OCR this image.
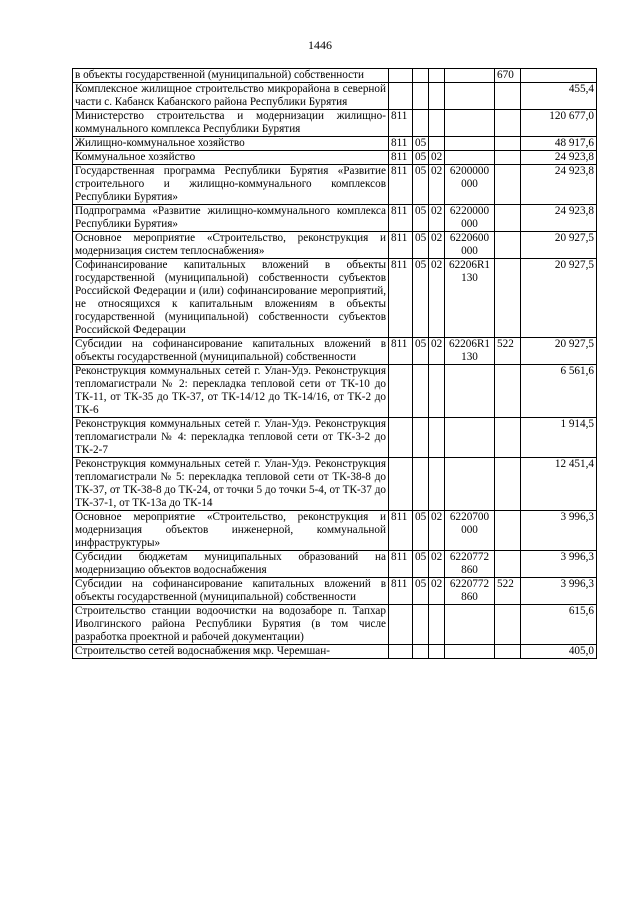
1446
в объекты государственной (муниципальной) собственности					670	
Комплексное жилищное строительство микрорайона в северной части с. Кабанск Кабанского района Республики Бурятия						455,4
Министерство строительства и модернизации жилищно-коммунального комплекса Республики Бурятия	811					120 677,0
Жилищно-коммунальное хозяйство	811	05				48 917,6
Коммунальное хозяйство	811	05	02			24 923,8
Государственная программа Республики Бурятия «Развитие строительного и жилищно-коммунального комплексов Республики Бурятия»	811	05	02	6200000 000		24 923,8
Подпрограмма «Развитие жилищно-коммунального комплекса Республики Бурятия»	811	05	02	6220000 000		24 923,8
Основное мероприятие «Строительство, реконструкция и модернизация систем теплоснабжения»	811	05	02	6220600 000		20 927,5
Софинансирование капитальных вложений в объекты государственной (муниципальной) собственности субъектов Российской Федерации и (или) софинансирование мероприятий, не относящихся к капитальным вложениям в объекты государственной (муниципальной) собственности субъектов Российской Федерации	811	05	02	62206R1 130		20 927,5
Субсидии на софинансирование капитальных вложений в объекты государственной (муниципальной) собственности	811	05	02	62206R1 130	522	20 927,5
Реконструкция коммунальных сетей г. Улан-Удэ. Реконструкция тепломагистрали № 2: перекладка тепловой сети от ТК-10 до ТК-11, от ТК-35 до ТК-37, от ТК-14/12 до ТК-14/16, от ТК-2 до ТК-6						6 561,6
Реконструкция коммунальных сетей г. Улан-Удэ. Реконструкция тепломагистрали № 4: перекладка тепловой сети от ТК-3-2 до ТК-2-7						1 914,5
Реконструкция коммунальных сетей г. Улан-Удэ. Реконструкция тепломагистрали № 5: перекладка тепловой сети от ТК-38-8 до ТК-37, от ТК-38-8 до ТК-24, от точки 5 до точки 5-4, от ТК-37 до ТК-37-1, от ТК-13а до ТК-14						12 451,4
Основное мероприятие «Строительство, реконструкция и модернизация объектов инженерной, коммунальной инфраструктуры»	811	05	02	6220700 000		3 996,3
Субсидии бюджетам муниципальных образований на модернизацию объектов водоснабжения	811	05	02	6220772 860		3 996,3
Субсидии на софинансирование капитальных вложений в объекты государственной (муниципальной) собственности	811	05	02	6220772 860	522	3 996,3
Строительство станции водоочистки на водозаборе п. Тапхар Иволгинского района Республики Бурятия (в том числе разработка проектной и рабочей документации)						615,6
Строительство сетей водоснабжения мкр. Черемшан-						405,0
